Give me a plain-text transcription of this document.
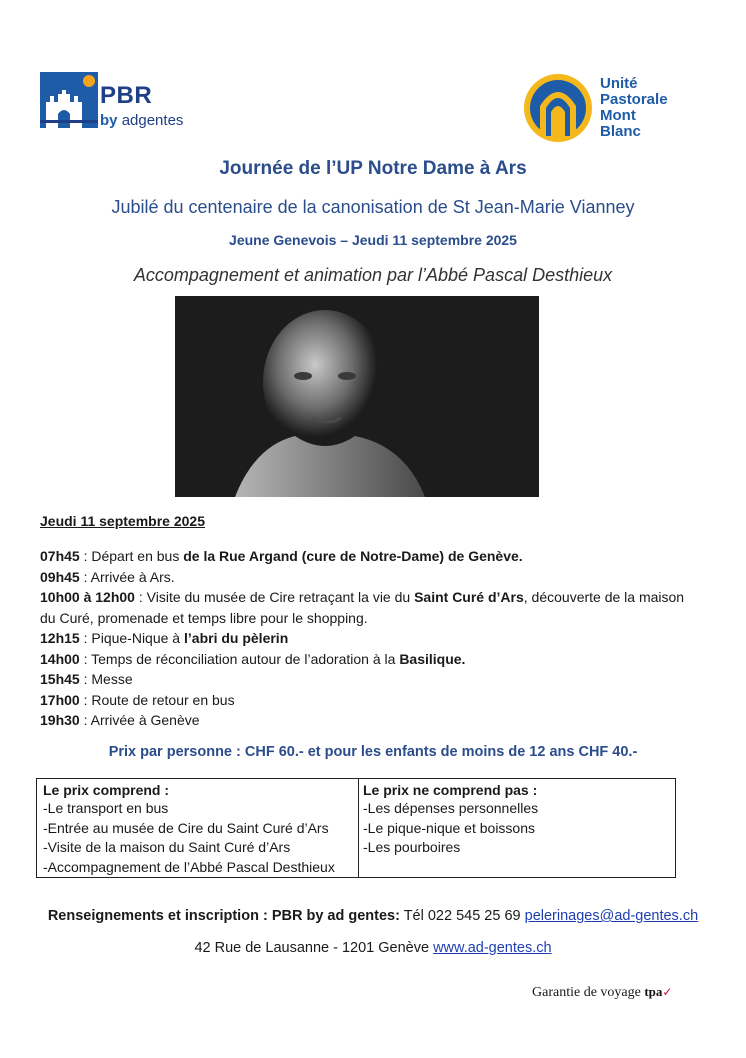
PBR
by adgentes
Unité
Pastorale
Mont
Blanc
Journée de l’UP Notre Dame à Ars
Jubilé du centenaire de la canonisation de St Jean-Marie Vianney
Jeune Genevois – Jeudi 11 septembre 2025
Accompagnement et animation par l’Abbé Pascal Desthieux
Jeudi 11 septembre 2025

07h45 : Départ en bus de la Rue Argand (cure de Notre-Dame) de Genève.

09h45 : Arrivée à Ars.

10h00 à 12h00 : Visite du musée de Cire retraçant la vie du Saint Curé d’Ars, découverte de la maison du Curé, promenade et temps libre pour le shopping.

12h15 : Pique-Nique à l’abri du pèlerin

14h00 : Temps de réconciliation autour de l’adoration à la Basilique.

15h45 : Messe

17h00 : Route de retour en bus

19h30 : Arrivée à Genève

Prix par personne : CHF 60.- et pour les enfants de moins de 12 ans CHF 40.-
Le prix comprend :
-Le transport en bus
-Entrée au musée de Cire du Saint Curé d’Ars
-Visite de la maison du Saint Curé d’Ars
-Accompagnement de l’Abbé Pascal Desthieux
Le prix ne comprend pas :
-Les dépenses personnelles
-Le pique-nique et boissons
-Les pourboires
Renseignements et inscription : PBR by ad gentes: Tél 022 545 25 69 pelerinages@ad-gentes.ch
42 Rue de Lausanne - 1201 Genève www.ad-gentes.ch
Garantie de voyage tpa✓
